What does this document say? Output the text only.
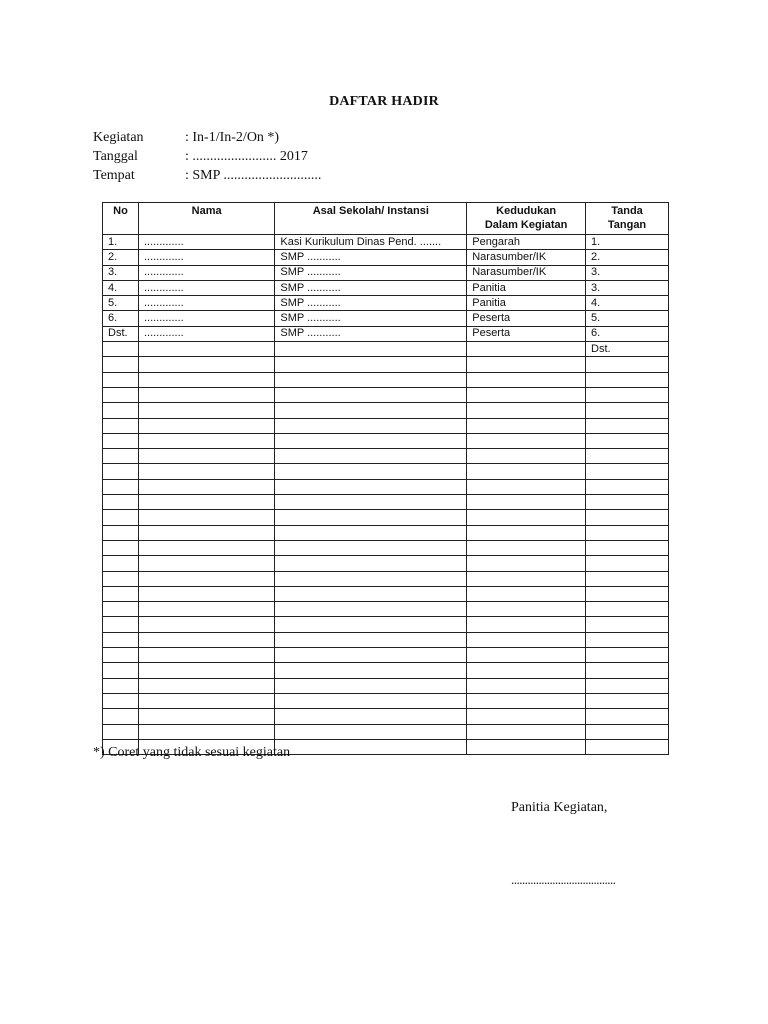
DAFTAR HADIR
Kegiatan	: In-1/In-2/On *)
Tanggal	: ........................ 2017
Tempat	: SMP ............................
No	Nama	Asal Sekolah/ Instansi	Kedudukan Dalam Kegiatan	Tanda Tangan
1.	.............	Kasi Kurikulum Dinas Pend. .......	Pengarah	1.
2.	.............	SMP ...........	Narasumber/IK	2.
3.	.............	SMP ...........	Narasumber/IK	3.
4.	.............	SMP ...........	Panitia	3.
5.	.............	SMP ...........	Panitia	4.
6.	.............	SMP ...........	Peserta	5.
Dst.	.............	SMP ...........	Peserta	6.
				Dst.

*) Coret yang tidak sesuai kegiatan
Panitia Kegiatan,
......................................
